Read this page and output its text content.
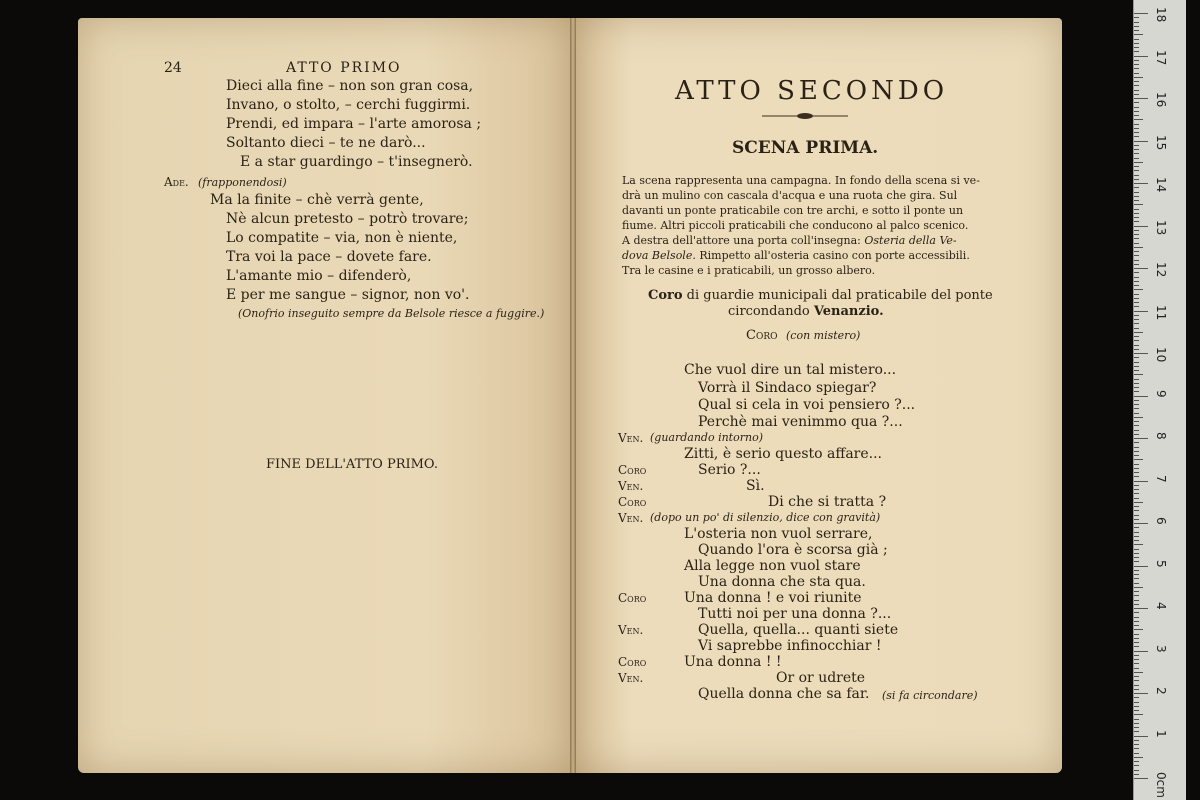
24	ATTO PRIMO
Dieci alla fine – non son gran cosa,
Invano, o stolto, – cerchi fuggirmi.
Prendi, ed impara – l'arte amorosa ;
Soltanto dieci – te ne darò...
E a star guardingo – t'insegnerò.
Ade. (frapponendosi)
Ma la finite – chè verrà gente,
Nè alcun pretesto – potrò trovare;
Lo compatite – via, non è niente,
Tra voi la pace – dovete fare.
L'amante mio – difenderò,
E per me sangue – signor, non vo'.
(Onofrio inseguito sempre da Belsole riesce a fuggire.)
FINE DELL'ATTO PRIMO.
ATTO SECONDO
SCENA PRIMA.
La scena rappresenta una campagna. In fondo della scena si ve-
drà un mulino con cascala d'acqua e una ruota che gira. Sul
davanti un ponte praticabile con tre archi, e sotto il ponte un
fiume. Altri piccoli praticabili che conducono al palco scenico.
A destra dell'attore una porta coll'insegna: Osteria della Ve-
dova Belsole. Rimpetto all'osteria casino con porte accessibili.
Tra le casine e i praticabili, un grosso albero.
Coro di guardie municipali dal praticabile del ponte
circondando Venanzio.
Coro (con mistero)
Che vuol dire un tal mistero...
Vorrà il Sindaco spiegar?
Qual si cela in voi pensiero ?...
Perchè mai venimmo qua ?...
Ven. (guardando intorno)
Zitti, è serio questo affare...
Coro	Serio ?...
Ven.	Sì.
Coro	Di che si tratta ?
Ven. (dopo un po' di silenzio, dice con gravità)
L'osteria non vuol serrare,
Quando l'ora è scorsa già ;
Alla legge non vuol stare
Una donna che sta qua.
Coro	Una donna ! e voi riunite
Tutti noi per una donna ?...
Ven.	Quella, quella... quanti siete
Vi saprebbe infinocchiar !
Coro	Una donna ! !
Ven.	Or or udrete
Quella donna che sa far. (si fa circondare)
0cm
1
2
3
4
5
6
7
8
9
10
11
12
13
14
15
16
17
18
